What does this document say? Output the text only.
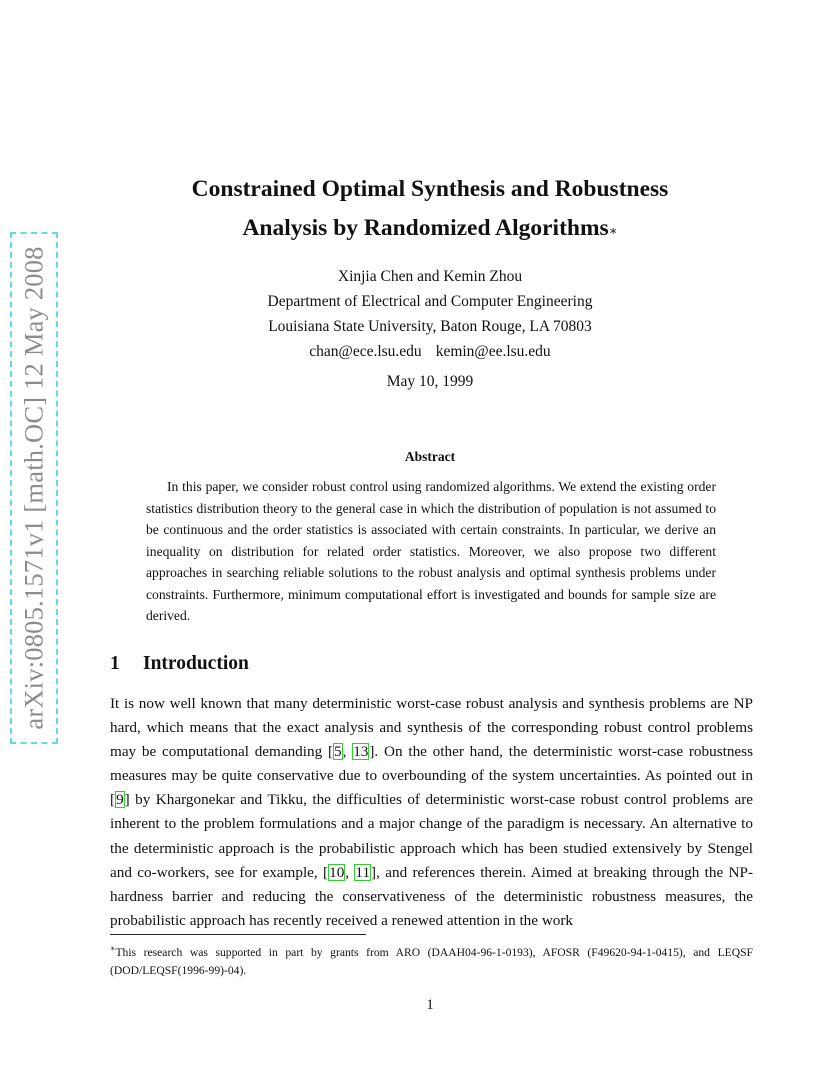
arXiv:0805.1571v1 [math.OC] 12 May 2008
Constrained Optimal Synthesis and Robustness
Analysis by Randomized Algorithms∗
Xinjia Chen and Kemin Zhou
Department of Electrical and Computer Engineering
Louisiana State University, Baton Rouge, LA 70803
chan@ece.lsu.edu kemin@ee.lsu.edu
May 10, 1999
Abstract

In this paper, we consider robust control using randomized algorithms. We extend the existing order statistics distribution theory to the general case in which the distribution of population is not assumed to be continuous and the order statistics is associated with certain constraints. In particular, we derive an inequality on distribution for related order statistics. Moreover, we also propose two different approaches in searching reliable solutions to the robust analysis and optimal synthesis problems under constraints. Furthermore, minimum computational effort is investigated and bounds for sample size are derived.

1 Introduction

It is now well known that many deterministic worst-case robust analysis and synthesis problems are NP hard, which means that the exact analysis and synthesis of the corresponding robust control problems may be computational demanding [5, 13]. On the other hand, the deterministic worst-case robustness measures may be quite conservative due to overbounding of the system uncertainties. As pointed out in [9] by Khargonekar and Tikku, the difficulties of deterministic worst-case robust control problems are inherent to the problem formulations and a major change of the paradigm is necessary. An alternative to the deterministic approach is the probabilistic approach which has been studied extensively by Stengel and co-workers, see for example, [10, 11], and references therein. Aimed at breaking through the NP-hardness barrier and reducing the conservativeness of the deterministic robustness measures, the probabilistic approach has recently received a renewed attention in the work

∗This research was supported in part by grants from ARO (DAAH04-96-1-0193), AFOSR (F49620-94-1-0415), and LEQSF (DOD/LEQSF(1996-99)-04).

1
